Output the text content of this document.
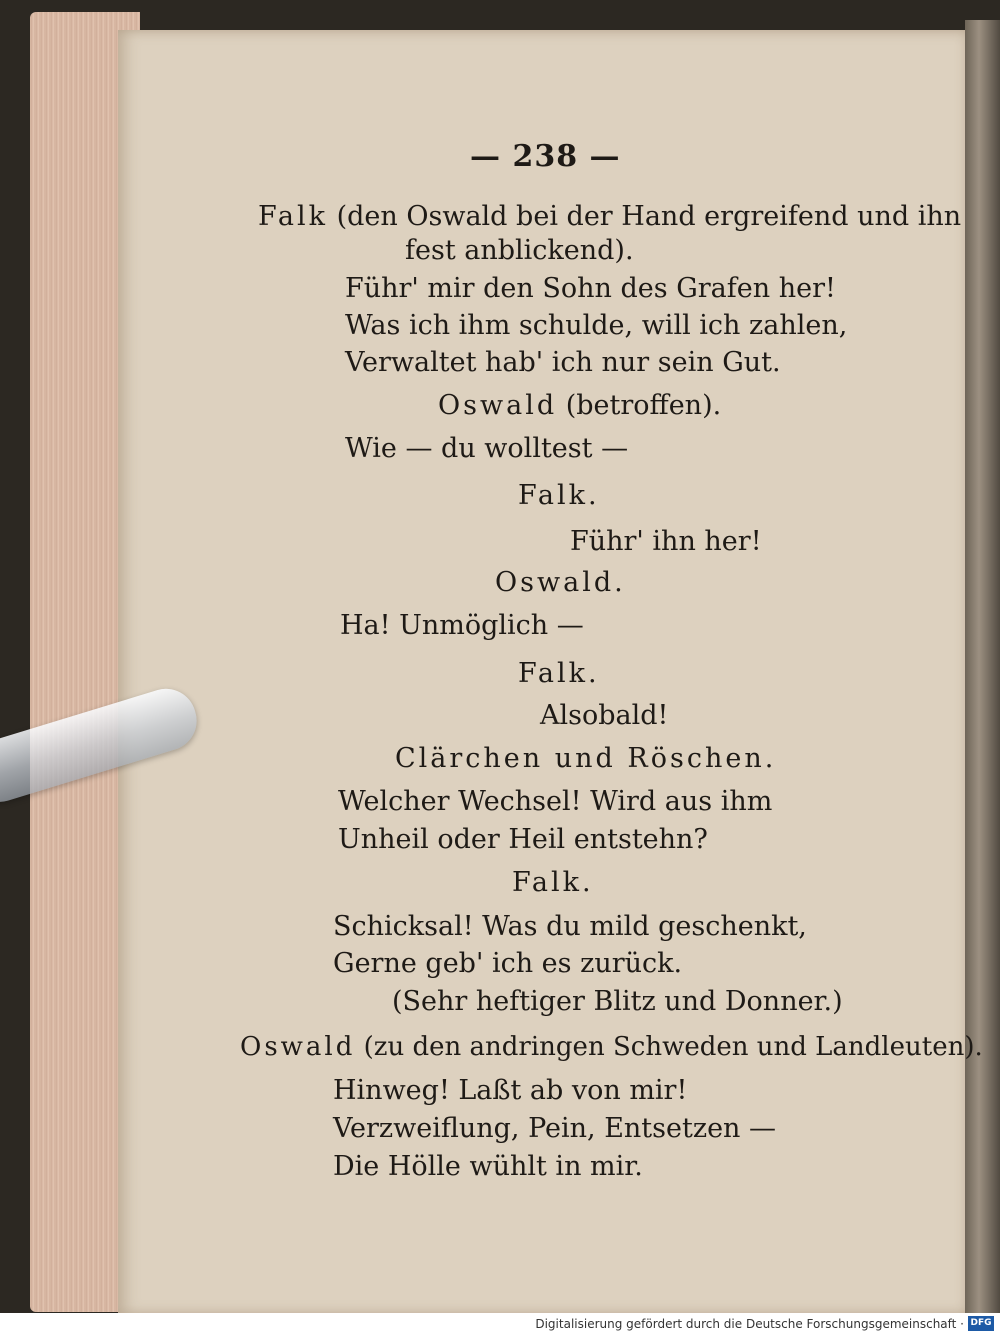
— 238 —
Falk (den Oswald bei der Hand ergreifend und ihn
fest anblickend).
Führ' mir den Sohn des Grafen her!
Was ich ihm schulde, will ich zahlen,
Verwaltet hab' ich nur sein Gut.
Oswald (betroffen).
Wie — du wolltest —
Falk.
Führ' ihn her!
Oswald.
Ha! Unmöglich —
Falk.
Alsobald!
Clärchen und Röschen.
Welcher Wechsel! Wird aus ihm
Unheil oder Heil entstehn?
Falk.
Schicksal! Was du mild geschenkt,
Gerne geb' ich es zurück.
(Sehr heftiger Blitz und Donner.)
Oswald (zu den andringen Schweden und Landleuten).
Hinweg! Laßt ab von mir!
Verzweiflung, Pein, Entsetzen —
Die Hölle wühlt in mir.
Digitalisierung gefördert durch die Deutsche Forschungsgemeinschaft · DFG
